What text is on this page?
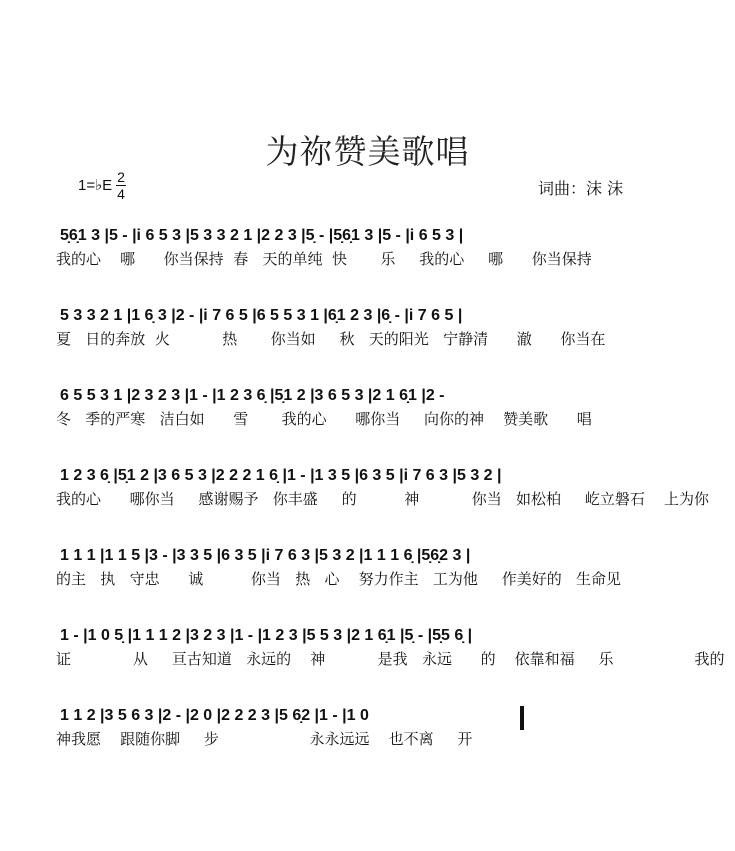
为祢赞美歌唱
1=♭E 2
4	词曲：沫 沫
5̣6̣1 3 |5 - |i 6 5 3 |5 3 3 2 1 |2 2 3 |5̣ - |5̣6̣1 3 |5 - |i 6 5 3 |
我的心    哪      你当保持  春   天的单纯  快       乐     我的心     哪      你当保持
5 3 3 2 1 |1 6̣ 3 |2 - |i 7 6 5 |6 5 5 3 1 |6̣1 2 3 |6̣ - |i 7 6 5 |
夏   日的奔放  火           热       你当如     秋   天的阳光   宁静清      澈      你当在
6 5 5 3 1 |2 3 2 3 |1 - |1 2 3 6̣ |5̣1 2 |3 6 5 3 |2 1 6̣1 |2 -
冬   季的严寒   洁白如      雪       我的心      哪你当     向你的神    赞美歌      唱
1 2 3 6̣ |5̣1 2 |3 6 5 3 |2 2 2 1 6̣ |1 - |1 3 5 |6 3 5 |i 7 6 3 |5 3 2 |
我的心      哪你当     感谢赐予   你丰盛     的          神           你当   如松柏     屹立磐石    上为你
1 1 1 |1 1 5 |3 - |3 3 5 |6 3 5 |i 7 6 3 |5 3 2 |1 1 1 6̣ |5̣6̣2 3 |
的主   执   守忠      诚          你当   热   心    努力作主   工为他     作美好的   生命见
1 - |1 0 5̣ |1 1 1 2 |3 2 3 |1 - |1 2 3 |5 5 3 |2 1 6̣1 |5̣ - |5̣5 6̣ |
证             从     亘古知道   永远的    神           是我   永远      的    依靠和福     乐                 我的
1 1 2 |3 5 6 3 |2 - |2 0 |2 2 2 3 |5 6̣2 |1 - |1 0
神我愿    跟随你脚     步                   永永远远    也不离     开
